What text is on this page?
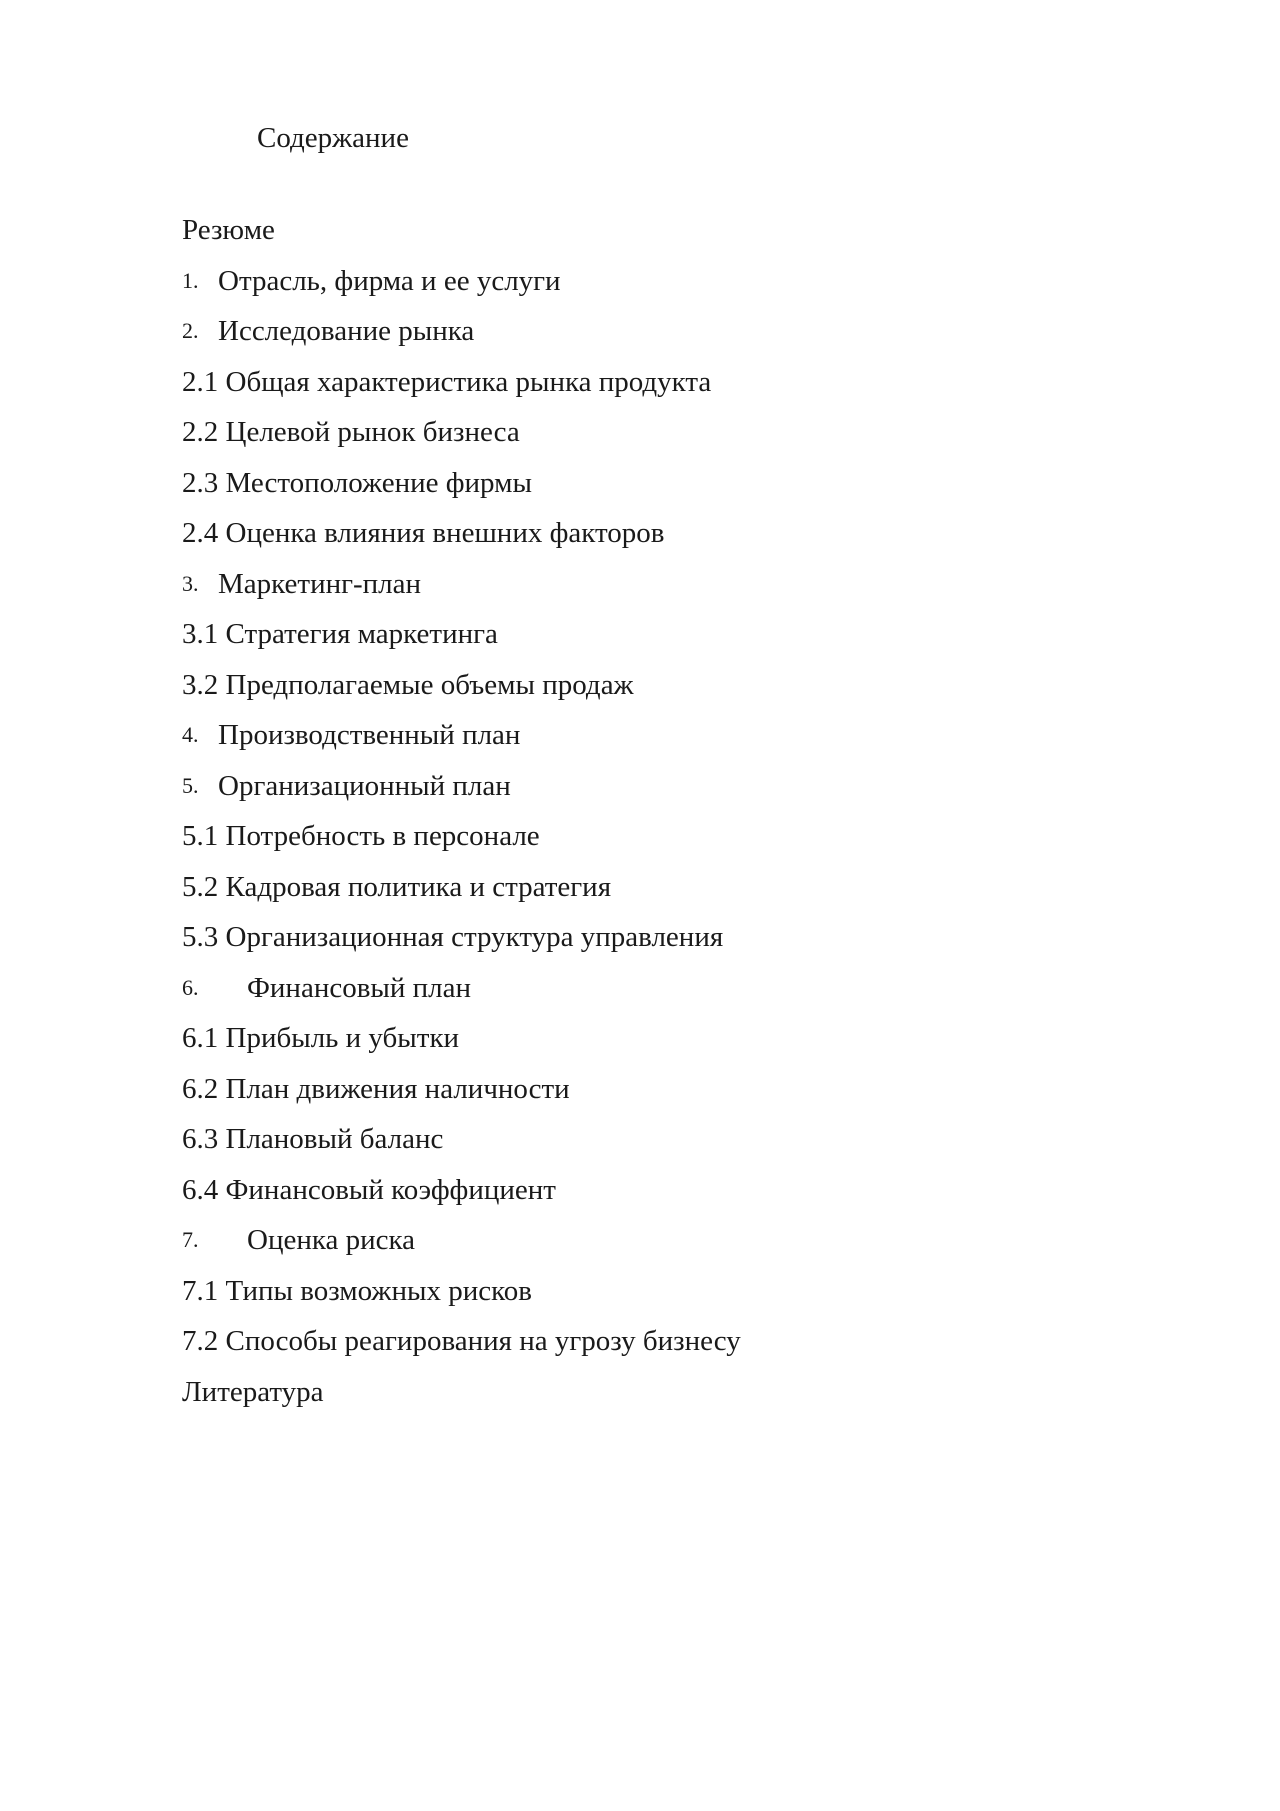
Содержание
Резюме
1. Отрасль, фирма и ее услуги
2. Исследование рынка
2.1 Общая характеристика рынка продукта
2.2 Целевой рынок бизнеса
2.3 Местоположение фирмы
2.4 Оценка влияния внешних факторов
3. Маркетинг-план
3.1 Стратегия маркетинга
3.2 Предполагаемые объемы продаж
4. Производственный план
5. Организационный план
5.1 Потребность в персонале
5.2 Кадровая политика и стратегия
5.3 Организационная структура управления
6.	Финансовый план
6.1 Прибыль и убытки
6.2 План движения наличности
6.3 Плановый баланс
6.4 Финансовый коэффициент
7.	Оценка риска
7.1 Типы возможных рисков
7.2 Способы реагирования на угрозу бизнесу
Литература
